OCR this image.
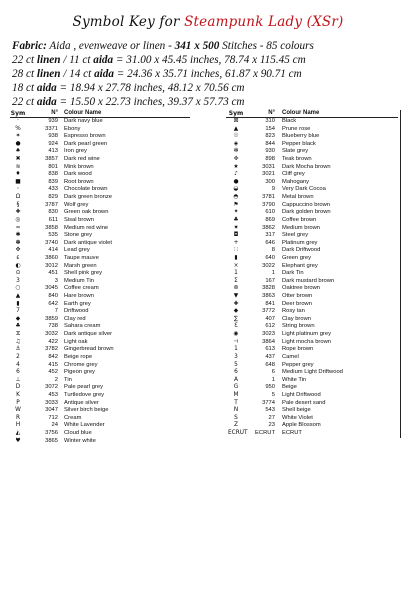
Symbol Key for Steampunk Lady (XSr)
Fabric: Aida , evenweave or linen - 341 x 500 Stitches - 85 colours
22 ct linen / 11 ct aida = 31.00 x 45.45 inches, 78.74 x 115.45 cm
28 ct linen / 14 ct aida = 24.36 x 35.71 inches, 61.87 x 90.71 cm
18 ct aida = 18.94 x 27.78 inches, 48.12 x 70.56 cm
22 ct aida = 15.50 x 22.73 inches, 39.37 x 57.73 cm
Sym	N° Colour Name
·	939 Dark navy blue
%	3371 Ebony
✶	938 Espresso brown
●	924 Dark pearl green
♠	413 Iron grey
✖	3857 Dark red wine
≋	801 Mink brown
♦	838 Dark wood
■	839 Root brown
◦	433 Chocolate brown
Ω	829 Dark green bronze
§	3787 Wolf grey
✚	830 Green oak brown
◎	611 Sisal brown
≈	3858 Medium red wine
✱	535 Stone grey
✽	3740 Dark antique violet
✥	414 Lead grey
ε	3860 Taupe mauve
◐	3012 Marsh green
⊙	451 Shell pink grey
3	3 Medium Tin
○	3045 Coffee cream
▲	840 Hare brown
▮	642 Earth grey
7	7 Driftwood
◆	3859 Clay red
♣	738 Sahara cream
⧖	3032 Dark antique silver
♫	422 Light oak
⚓	3782 Gingerbread brown
2	842 Beige rope
4	415 Chrome grey
6	452 Pigeon grey
⊥	2 Tin
D	3072 Pale pearl grey
K	453 Turtledove grey
P	3033 Antique silver
W	3047 Silver birch beige
R	712 Cream
H	24 White Lavender
◭	3756 Cloud blue
♥	3865 Winter white
Sym	N° Colour Name
⊠	310 Black
▲	154 Prune rose
☉	823 Blueberry blue
◈	844 Pepper black
✻	930 Slate grey
✜	898 Teak brown
★	3031 Dark Mocha brown
♪	3021 Cliff grey
●	300 Mahogany
◒	9 Very Dark Cocoa
◓	3781 Metal brown
⚑	3790 Cappuccino brown
✦	610 Dark golden brown
♣	869 Coffee brown
✷	3862 Medium brown
◘	317 Steel grey
+	646 Platinum grey
∷	8 Dark Driftwood
▮	640 Green grey
×	3022 Elephant grey
1	1 Dark Tin
Σ	167 Dark mustard brown
⊛	3828 Oaktree brown
▼	3863 Otter brown
✚	841 Deer brown
◆	3772 Rosy tan
∑	407 Clay brown
Ɛ	612 String brown
◉	3023 Light platinum grey
⊣	3864 Light mocha brown
1	613 Rope brown
3	437 Camel
5	648 Pepper grey
6	6 Medium Light Driftwood
A	1 White Tin
G	950 Beige
M	5 Light Driftwood
T	3774 Pale desert sand
N	543 Shell beige
S	27 White Violet
Z	23 Apple Blossom
ECRUT	ECRUT ECRUT
